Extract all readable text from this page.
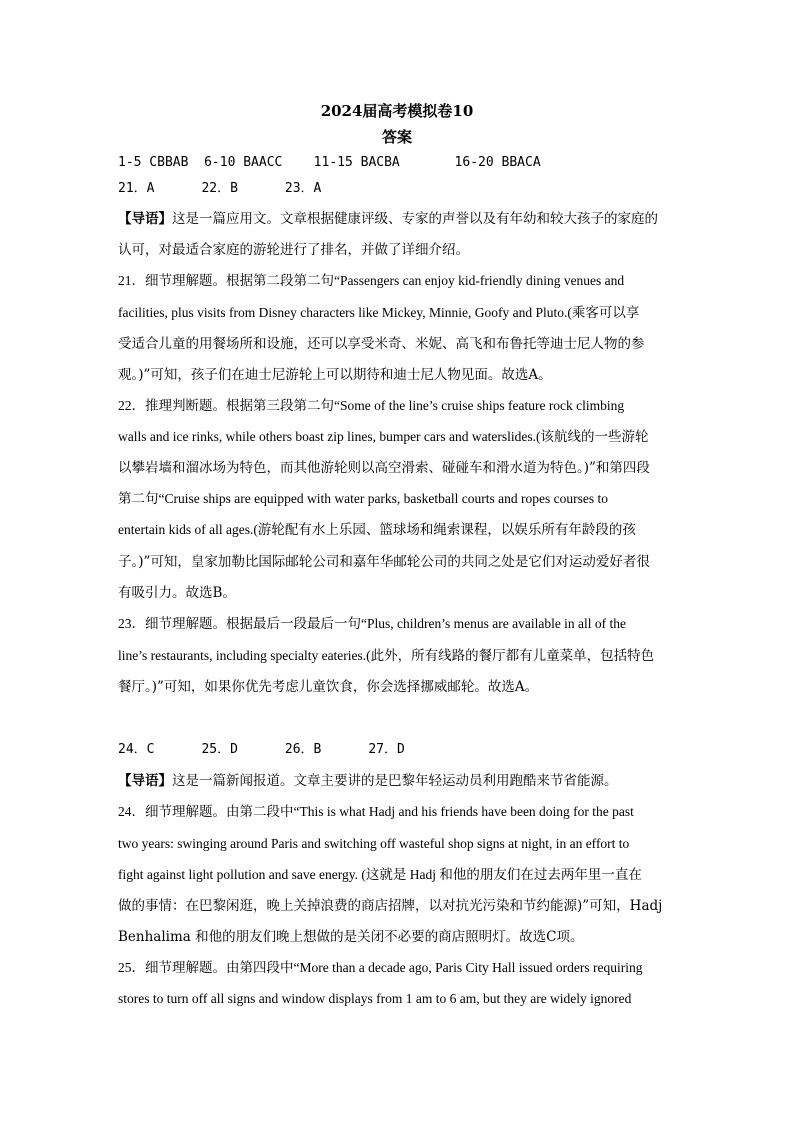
2024届高考模拟卷10
答案
1-5 CBBAB  6-10 BAACC    11-15 BACBA       16-20 BBACA
21．A      22．B      23．A
【导语】这是一篇应用文。文章根据健康评级、专家的声誉以及有年幼和较大孩子的家庭的
认可，对最适合家庭的游轮进行了排名，并做了详细介绍。
21．细节理解题。根据第二段第二句“Passengers can enjoy kid-friendly dining venues and
facilities, plus visits from Disney characters like Mickey, Minnie, Goofy and Pluto.(乘客可以享
受适合儿童的用餐场所和设施，还可以享受米奇、米妮、高飞和布鲁托等迪士尼人物的参
观。)”可知，孩子们在迪士尼游轮上可以期待和迪士尼人物见面。故选A。
22．推理判断题。根据第三段第二句“Some of the line’s cruise ships feature rock climbing
walls and ice rinks, while others boast zip lines, bumper cars and waterslides.(该航线的一些游轮
以攀岩墙和溜冰场为特色，而其他游轮则以高空滑索、碰碰车和滑水道为特色。)”和第四段
第二句“Cruise ships are equipped with water parks, basketball courts and ropes courses to
entertain kids of all ages.(游轮配有水上乐园、篮球场和绳索课程，以娱乐所有年龄段的孩
子。)”可知，皇家加勒比国际邮轮公司和嘉年华邮轮公司的共同之处是它们对运动爱好者很
有吸引力。故选B。
23．细节理解题。根据最后一段最后一句“Plus, children’s menus are available in all of the
line’s restaurants, including specialty eateries.(此外，所有线路的餐厅都有儿童菜单，包括特色
餐厅。)”可知，如果你优先考虑儿童饮食，你会选择挪威邮轮。故选A。
24．C      25．D      26．B      27．D
【导语】这是一篇新闻报道。文章主要讲的是巴黎年轻运动员利用跑酷来节省能源。
24．细节理解题。由第二段中“This is what Hadj and his friends have been doing for the past
two years: swinging around Paris and switching off wasteful shop signs at night, in an effort to
fight against light pollution and save energy. (这就是 Hadj 和他的朋友们在过去两年里一直在
做的事情：在巴黎闲逛，晚上关掉浪费的商店招牌，以对抗光污染和节约能源)”可知，Hadj
Benhalima 和他的朋友们晚上想做的是关闭不必要的商店照明灯。故选C项。
25．细节理解题。由第四段中“More than a decade ago, Paris City Hall issued orders requiring
stores to turn off all signs and window displays from 1 am to 6 am, but they are widely ignored
